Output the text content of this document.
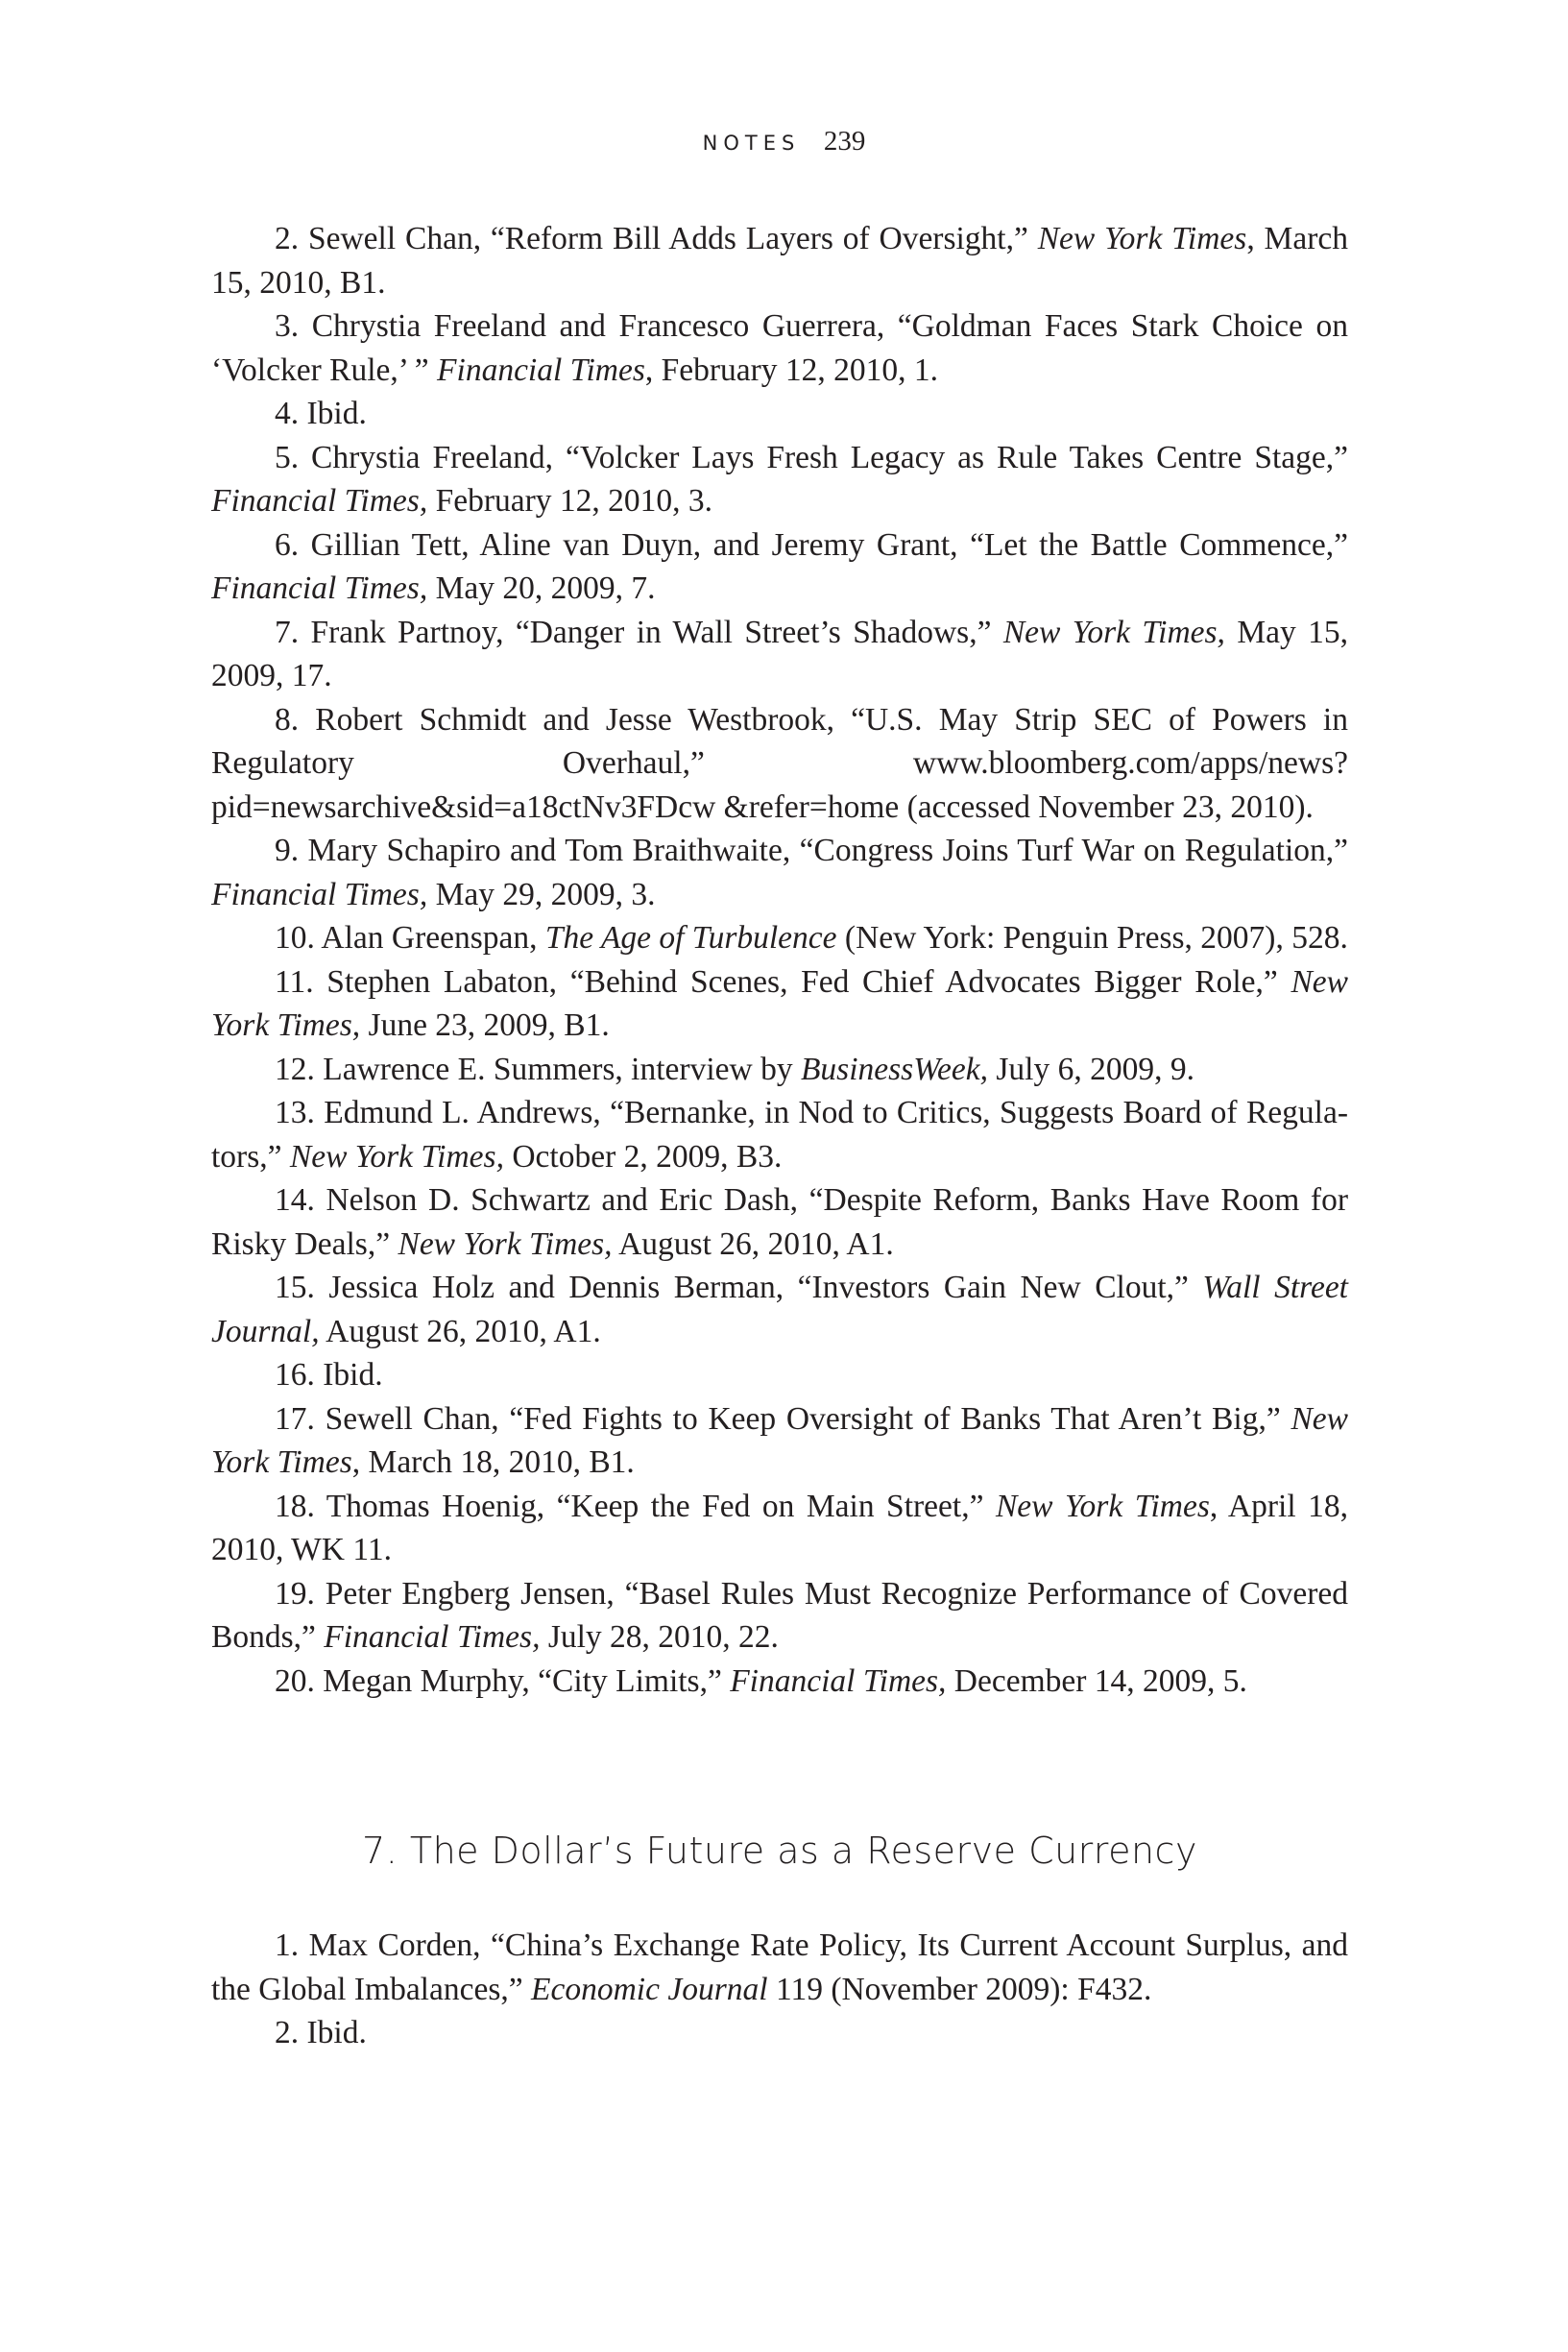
NOTES 239

2. Sewell Chan, “Reform Bill Adds Layers of Oversight,” New York Times, March 15, 2010, B1.

3. Chrystia Freeland and Francesco Guerrera, “Goldman Faces Stark Choice on ‘Volcker Rule,’ ” Financial Times, February 12, 2010, 1.

4. Ibid.

5. Chrystia Freeland, “Volcker Lays Fresh Legacy as Rule Takes Centre Stage,” Financial Times, February 12, 2010, 3.

6. Gillian Tett, Aline van Duyn, and Jeremy Grant, “Let the Battle Commence,” Financial Times, May 20, 2009, 7.

7. Frank Partnoy, “Danger in Wall Street’s Shadows,” New York Times, May 15, 2009, 17.

8. Robert Schmidt and Jesse Westbrook, “U.S. May Strip SEC of Powers in Regulatory Overhaul,” www.bloomberg.com/apps/news?pid=newsarchive&sid=a18ctNv3FDcw &refer=home (accessed November 23, 2010).

9. Mary Schapiro and Tom Braithwaite, “Congress Joins Turf War on Regulation,” Financial Times, May 29, 2009, 3.

10. Alan Greenspan, The Age of Turbulence (New York: Penguin Press, 2007), 528.

11. Stephen Labaton, “Behind Scenes, Fed Chief Advocates Bigger Role,” New York Times, June 23, 2009, B1.

12. Lawrence E. Summers, interview by BusinessWeek, July 6, 2009, 9.

13. Edmund L. Andrews, “Bernanke, in Nod to Critics, Suggests Board of Regulators,” New York Times, October 2, 2009, B3.

14. Nelson D. Schwartz and Eric Dash, “Despite Reform, Banks Have Room for Risky Deals,” New York Times, August 26, 2010, A1.

15. Jessica Holz and Dennis Berman, “Investors Gain New Clout,” Wall Street Journal, August 26, 2010, A1.

16. Ibid.

17. Sewell Chan, “Fed Fights to Keep Oversight of Banks That Aren’t Big,” New York Times, March 18, 2010, B1.

18. Thomas Hoenig, “Keep the Fed on Main Street,” New York Times, April 18, 2010, WK 11.

19. Peter Engberg Jensen, “Basel Rules Must Recognize Performance of Covered Bonds,” Financial Times, July 28, 2010, 22.

20. Megan Murphy, “City Limits,” Financial Times, December 14, 2009, 5.

7. The Dollar’s Future as a Reserve Currency

1. Max Corden, “China’s Exchange Rate Policy, Its Current Account Surplus, and the Global Imbalances,” Economic Journal 119 (November 2009): F432.

2. Ibid.
